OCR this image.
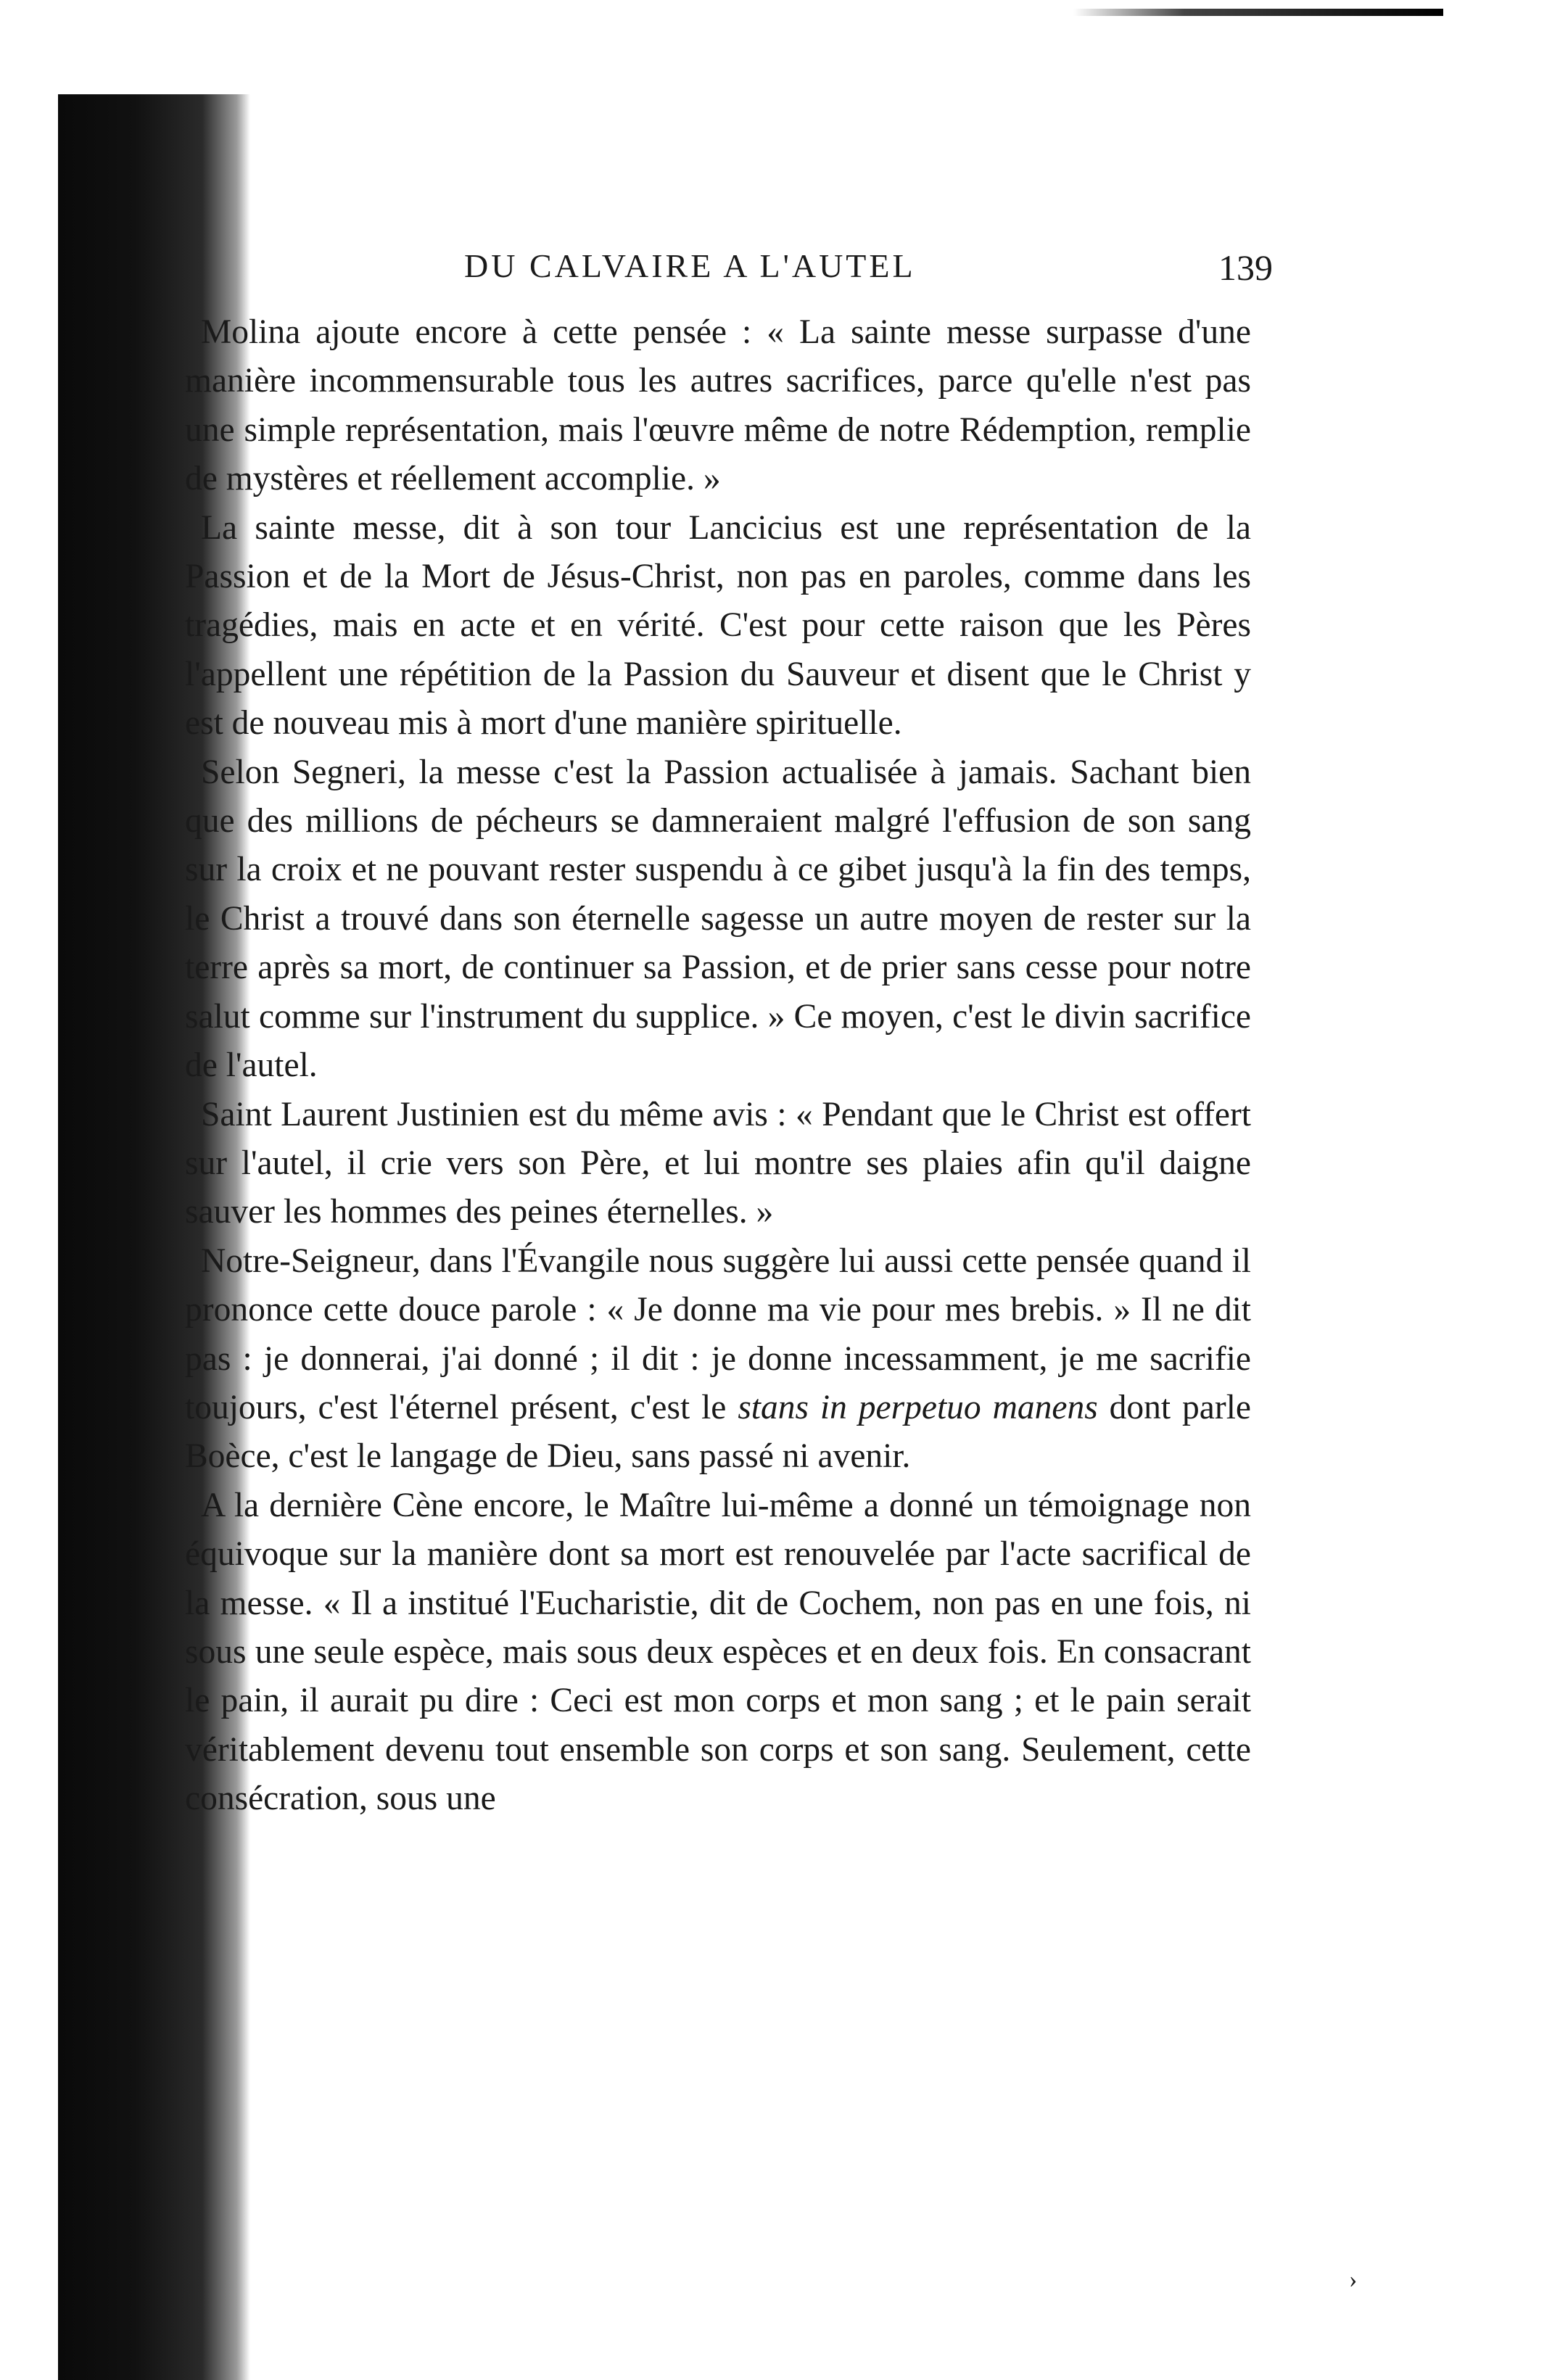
DU CALVAIRE A L'AUTEL	139

Molina ajoute encore à cette pensée : « La sainte messe surpasse d'une manière incommensurable tous les autres sacrifices, parce qu'elle n'est pas une simple représentation, mais l'œuvre même de notre Rédemption, remplie de mystères et réellement accomplie. »

La sainte messe, dit à son tour Lancicius est une représentation de la Passion et de la Mort de Jésus-Christ, non pas en paroles, comme dans les tragédies, mais en acte et en vérité. C'est pour cette raison que les Pères l'appellent une répétition de la Passion du Sauveur et disent que le Christ y est de nouveau mis à mort d'une manière spirituelle.

Selon Segneri, la messe c'est la Passion actualisée à jamais. Sachant bien que des millions de pécheurs se damneraient malgré l'effusion de son sang sur la croix et ne pouvant rester suspendu à ce gibet jusqu'à la fin des temps, le Christ a trouvé dans son éternelle sagesse un autre moyen de rester sur la terre après sa mort, de continuer sa Passion, et de prier sans cesse pour notre salut comme sur l'instrument du supplice. » Ce moyen, c'est le divin sacrifice de l'autel.

Saint Laurent Justinien est du même avis : « Pendant que le Christ est offert sur l'autel, il crie vers son Père, et lui montre ses plaies afin qu'il daigne sauver les hommes des peines éternelles. »

Notre-Seigneur, dans l'Évangile nous suggère lui aussi cette pensée quand il prononce cette douce parole : « Je donne ma vie pour mes brebis. » Il ne dit pas : je donnerai, j'ai donné ; il dit : je donne incessamment, je me sacrifie toujours, c'est l'éternel présent, c'est le stans in perpetuo manens dont parle Boèce, c'est le langage de Dieu, sans passé ni avenir.

A la dernière Cène encore, le Maître lui-même a donné un témoignage non équivoque sur la manière dont sa mort est renouvelée par l'acte sacrifical de la messe. « Il a institué l'Eucharistie, dit de Cochem, non pas en une fois, ni sous une seule espèce, mais sous deux espèces et en deux fois. En consacrant le pain, il aurait pu dire : Ceci est mon corps et mon sang ; et le pain serait véritablement devenu tout ensemble son corps et son sang. Seulement, cette consécration, sous une

›
